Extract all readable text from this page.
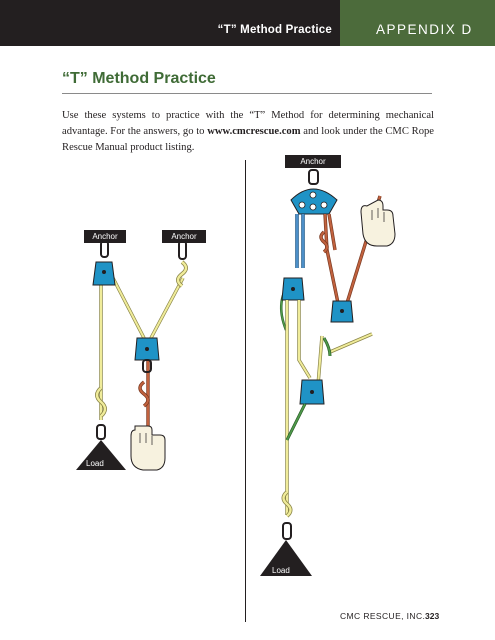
“T” Method Practice	APPENDIX D
“T” Method Practice

Use these systems to practice with the “T” Method for determining mechanical advantage. For the answers, go to www.cmcrescue.com and look under the CMC Rope Rescue Manual product listing.

Anchor	Anchor
Load
Anchor
Load
CMC RESCUE, INC. 323
